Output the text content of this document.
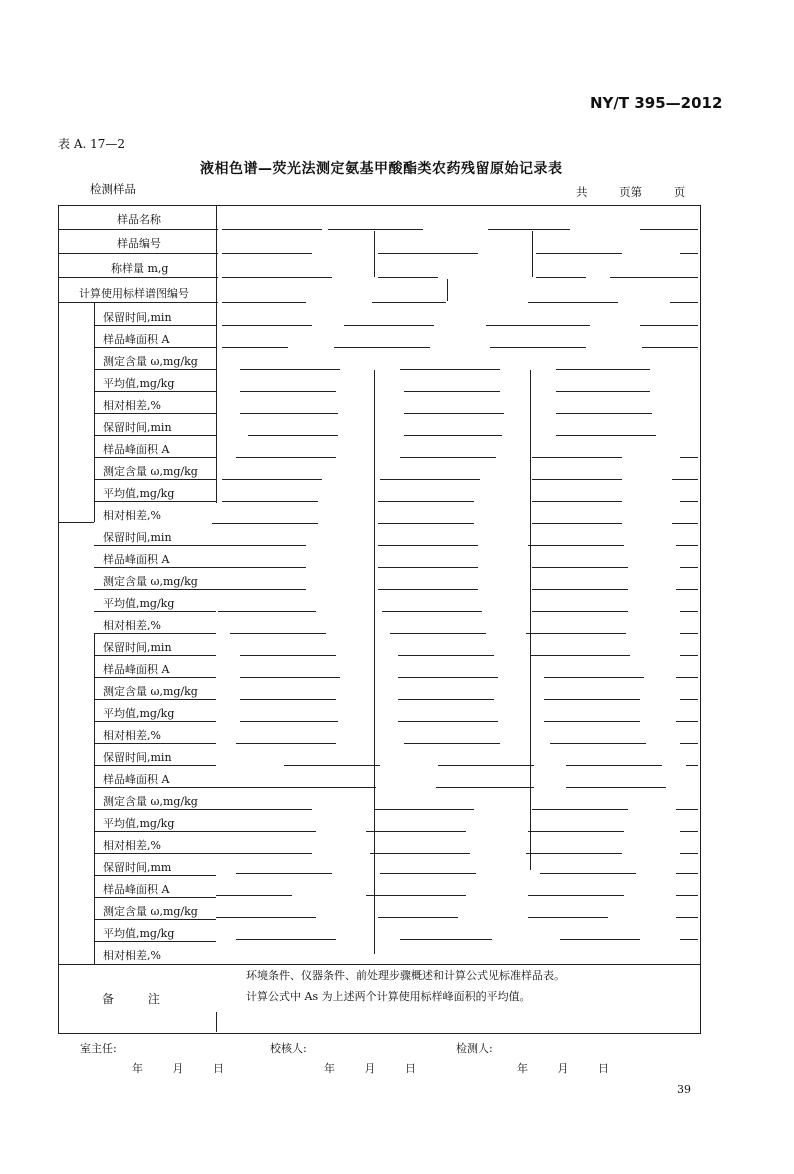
NY/T 395—2012
表 A. 17—2
液相色谱—荧光法测定氨基甲酸酯类农药残留原始记录表
检测样品	共 页第 页
样品名称
样品编号
称样量 m,g
计算使用标样谱图编号
保留时间,min
样品峰面积 A
测定含量 ω,mg/kg
平均值,mg/kg
相对相差,%
保留时间,min
样品峰面积 A
测定含量 ω,mg/kg
平均值,mg/kg
相对相差,%
保留时间,min
样品峰面积 A
测定含量 ω,mg/kg
平均值,mg/kg
相对相差,%
保留时间,min
样品峰面积 A
测定含量 ω,mg/kg
平均值,mg/kg
相对相差,%
保留时间,min
样品峰面积 A
测定含量 ω,mg/kg
平均值,mg/kg
相对相差,%
保留时间,mm
样品峰面积 A
测定含量 ω,mg/kg
平均值,mg/kg
相对相差,%
备 注
环境条件、仪器条件、前处理步骤概述和计算公式见标准样品表。
计算公式中 As 为上述两个计算使用标样峰面积的平均值。
室主任:	校核人:	检测人:
年 月 日	年 月 日	年 月 日
39
